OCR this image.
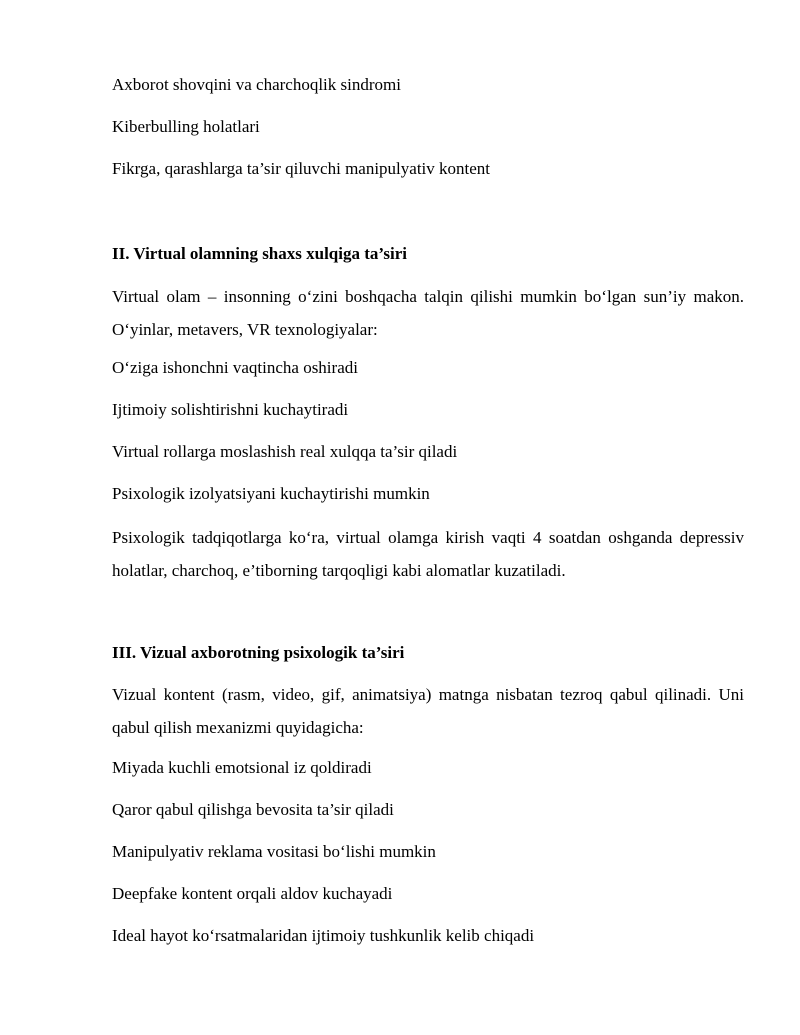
Axborot shovqini va charchoqlik sindromi
Kiberbulling holatlari
Fikrga, qarashlarga ta’sir qiluvchi manipulyativ kontent
II. Virtual olamning shaxs xulqiga ta’siri
Virtual olam – insonning o‘zini boshqacha talqin qilishi mumkin bo‘lgan sun’iy makon. O‘yinlar, metavers, VR texnologiyalar:
O‘ziga ishonchni vaqtincha oshiradi
Ijtimoiy solishtirishni kuchaytiradi
Virtual rollarga moslashish real xulqqa ta’sir qiladi
Psixologik izolyatsiyani kuchaytirishi mumkin
Psixologik tadqiqotlarga ko‘ra, virtual olamga kirish vaqti 4 soatdan oshganda depressiv holatlar, charchoq, e’tiborning tarqoqligi kabi alomatlar kuzatiladi.
III. Vizual axborotning psixologik ta’siri
Vizual kontent (rasm, video, gif, animatsiya) matnga nisbatan tezroq qabul qilinadi. Uni qabul qilish mexanizmi quyidagicha:
Miyada kuchli emotsional iz qoldiradi
Qaror qabul qilishga bevosita ta’sir qiladi
Manipulyativ reklama vositasi bo‘lishi mumkin
Deepfake kontent orqali aldov kuchayadi
Ideal hayot ko‘rsatmalaridan ijtimoiy tushkunlik kelib chiqadi
